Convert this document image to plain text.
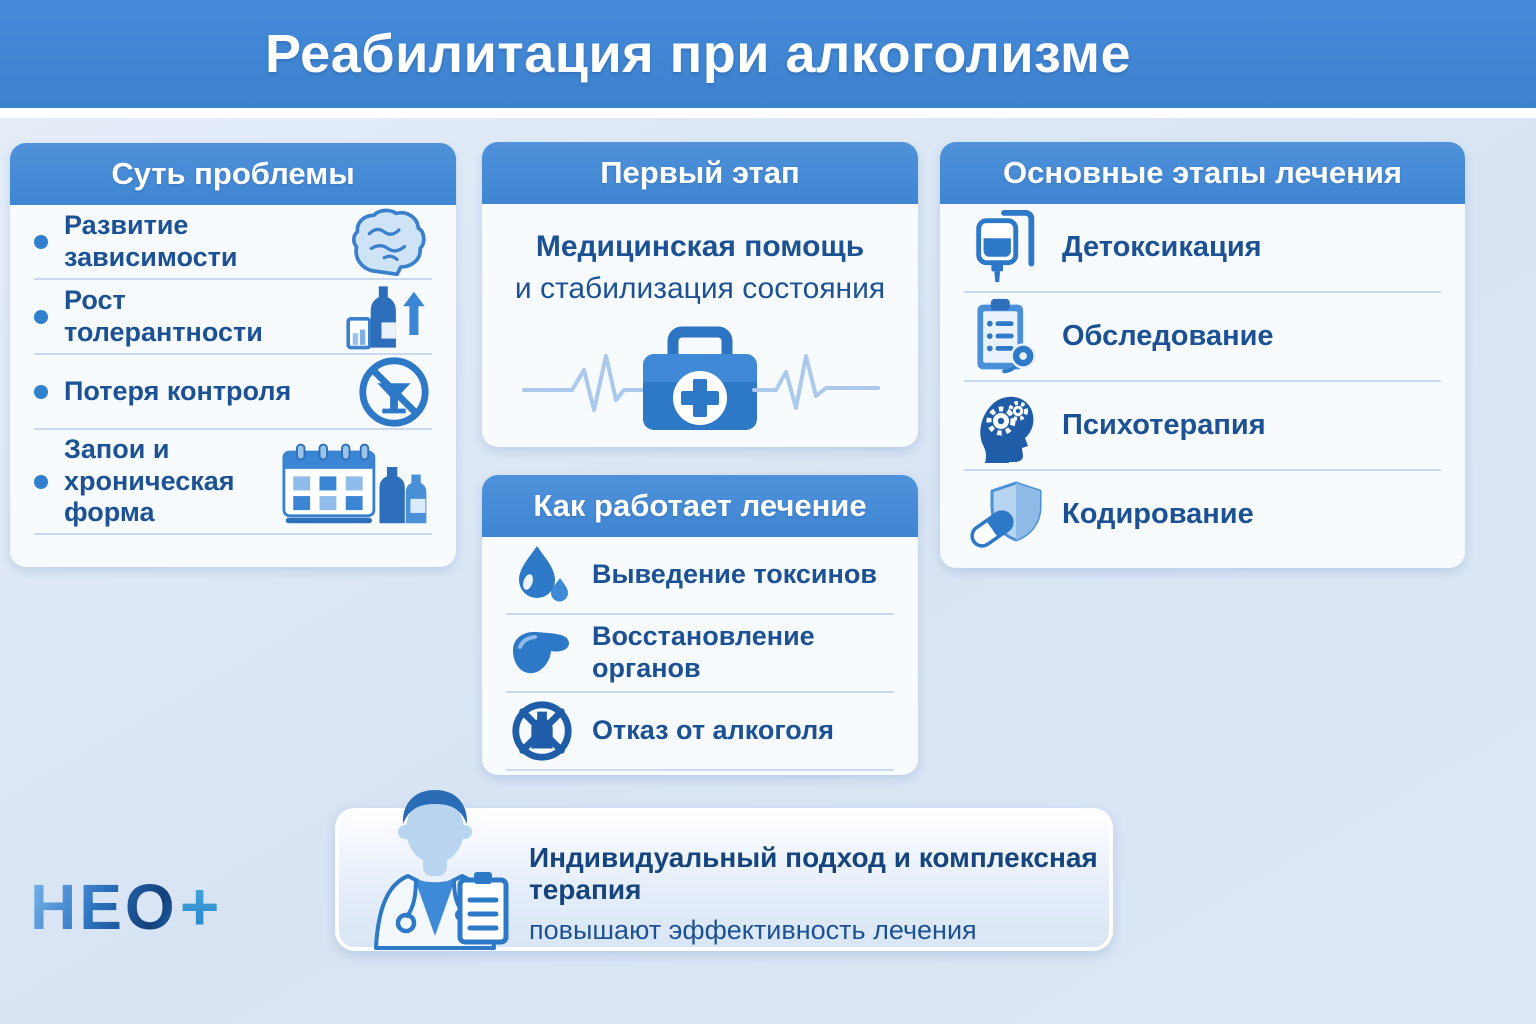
Реабилитация при алкоголизме
Суть проблемы
Развитие зависимости
Рост толерантности
Потеря контроля
Запои и хроническая форма
Первый этап
Медицинская помощь
и стабилизация состояния
Как работает лечение
Выведение токсинов
Восстановление органов
Отказ от алкоголя
Основные этапы лечения
Детоксикация
Обследование
Психотерапия
Кодирование
Индивидуальный подход и комплексная терапия
повышают эффективность лечения
НЕО +
